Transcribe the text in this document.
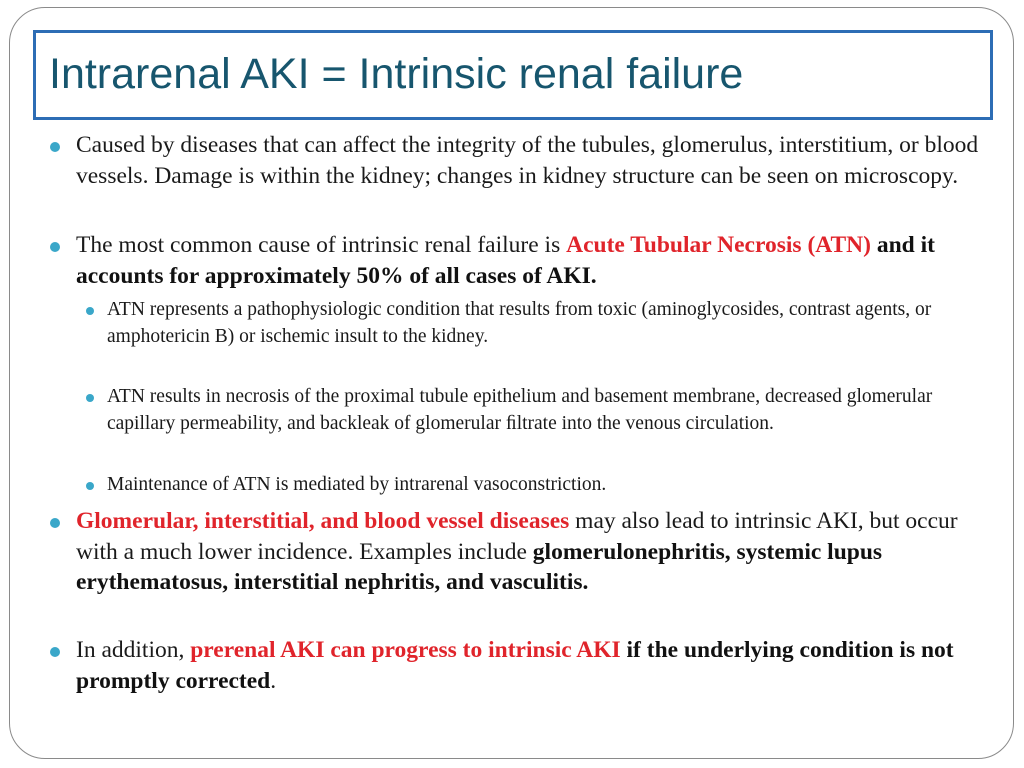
Intrarenal AKI = Intrinsic renal failure

Caused by diseases that can affect the integrity of the tubules, glomerulus, interstitium, or blood vessels. Damage is within the kidney; changes in kidney structure can be seen on microscopy.

The most common cause of intrinsic renal failure is Acute Tubular Necrosis (ATN) and it accounts for approximately 50% of all cases of AKI.

ATN represents a pathophysiologic condition that results from toxic (aminoglycosides, contrast agents, or amphotericin B) or ischemic insult to the kidney.

ATN results in necrosis of the proximal tubule epithelium and basement membrane, decreased glomerular capillary permeability, and backleak of glomerular ﬁltrate into the venous circulation.

Maintenance of ATN is mediated by intrarenal vasoconstriction.

Glomerular, interstitial, and blood vessel diseases may also lead to intrinsic AKI, but occur with a much lower incidence. Examples include glomerulonephritis, systemic lupus erythematosus, interstitial nephritis, and vasculitis.

In addition, prerenal AKI can progress to intrinsic AKI if the underlying condition is not promptly corrected.
